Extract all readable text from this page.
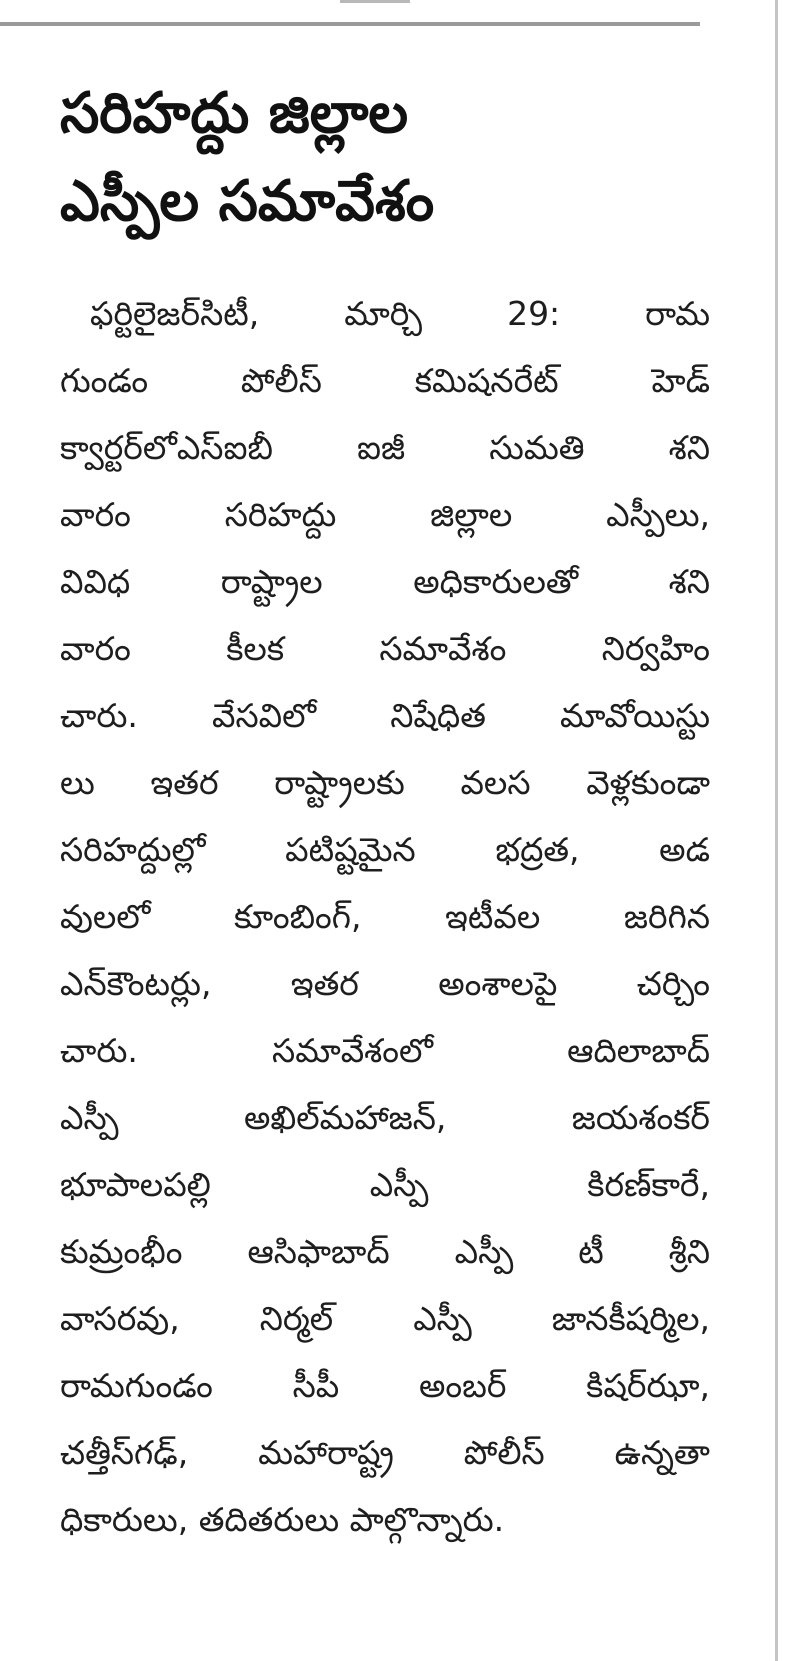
సరిహద్దు జిల్లాల
ఎస్పీల సమావేశం
ఫర్టిలైజర్‌సిటీ, మార్చి 29: రామ
గుండం పోలీస్ కమిషనరేట్ హెడ్
క్వార్టర్‌లోఎస్‌ఐబీ ఐజీ సుమతి శని
వారం సరిహద్దు జిల్లాల ఎస్పీలు,
వివిధ రాష్ట్రాల అధికారులతో శని
వారం కీలక సమావేశం నిర్వహిం
చారు. వేసవిలో నిషేధిత మావోయిస్టు
లు ఇతర రాష్ట్రాలకు వలస వెళ్లకుండా
సరిహద్దుల్లో పటిష్టమైన భద్రత, అడ
వులలో కూంబింగ్, ఇటీవల జరిగిన
ఎన్‌కౌంటర్లు, ఇతర అంశాలపై చర్చిం
చారు. సమావేశంలో ఆదిలాబాద్
ఎస్పీ అఖిల్‌మహాజన్, జయశంకర్
భూపాలపల్లి ఎస్పీ కిరణ్‌కారే,
కుమ్రంభీం ఆసిఫాబాద్ ఎస్పీ టీ శ్రీని
వాసరవు, నిర్మల్ ఎస్పీ జానకీషర్మిల,
రామగుండం సీపీ అంబర్ కిషర్‌ఝా,
చత్తీస్‌గఢ్, మహారాష్ట్ర పోలీస్ ఉన్నతా
ధికారులు, తదితరులు పాల్గొన్నారు.
